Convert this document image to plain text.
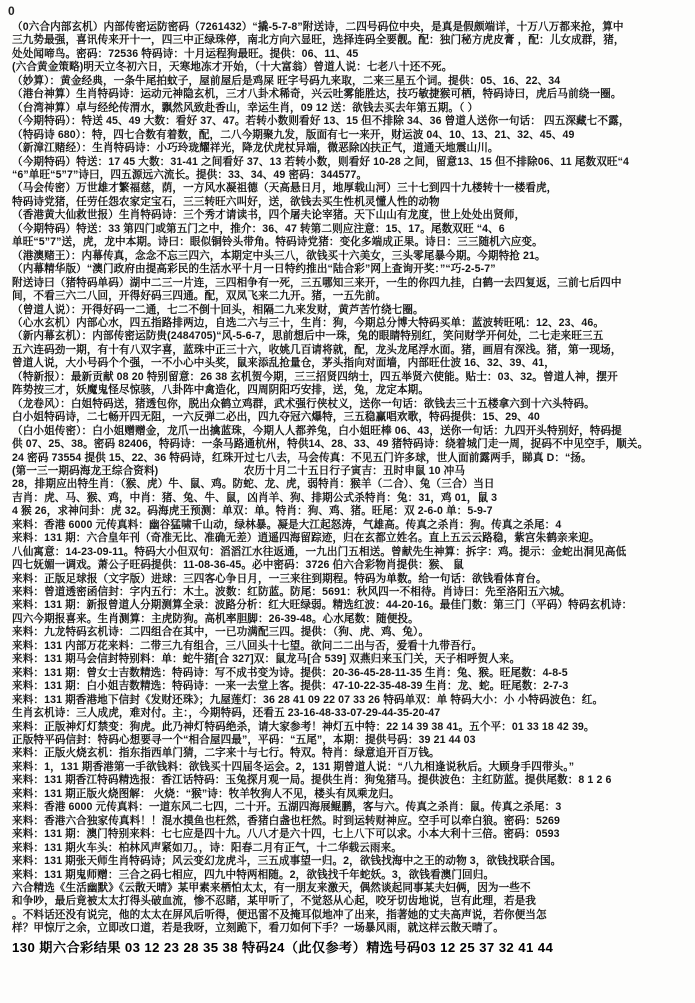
0
（0六合内部玄机）内部传密运防密码（7261432）“撬-5-7-8”附送诗，二四号码位中央，是真是假颇端详，十万八万都来抢，算中
三九势最强，喜讯传来开十一，四三中正绿珠停，南北方向六显旺，选择连码全要靓。配：独门秘方虎皮膏 ，配：儿女成群，猪，
处处闻啼鸟。密码：72536 特码诗：十月运程狗最旺。提供：06、11、45
(六合黄金策略)明天立冬初六日，天寒地冻才开始，（十大富翁）曾道人说：七老八十还不死。
（妙算）：黄金经典，一条牛尾拍蚊子，屋前屋后是鸡屎 旺字号码九来取，二来三星五个词。提供：05、16、22、34
（港台神算）生肖特码诗：运动元神隐玄机，三才八卦术稀奇，兴云吐雾能胜达，技巧敏捷猴可栖，特码诗曰，虎后马前绕一圈。
（台湾神算）卓与经纶传渭水，飘然风致赴香山，幸运生肖，09 12 送：欲钱去买去年第五期。（ ）
（今期特码）：特送 45、49 大数：看好 37、47。若转小数则看好 13、15 但不排除 34、36 曾道人送你一句话： 四五深藏七不露，
（特码诗 680）：特，四七合数有着数，配，二八今期聚九发，版面有七一来开，财运波 04、10、13、21、32、45、49
（新漳江赌经）：生肖特码诗：小巧玲珑耀祥光，降龙伏虎杖异端，微恶除凶扶正气，道通天地震山川。
（今期特码）特送：17 45 大数：31-41 之间看好 37、13 若转小数，则看好 10-28 之间，留意13、15 但不排除06、11 尾数双旺“4
“6”单旺“5”7”诗曰，四五源远六流长。提供：33、34、49 密码：344577。
（马会传密）万世雄才繁福慈，荫，一方风水凝祖德（天高悬日月，地厚载山河）三十七到四十九楼转十一楼看虎，
特码诗党猪，任劳任怨农家定宝石，三三转旺六叫好，送，欲钱去买生性机灵懂人性的动物
（香港黄大仙救世报）生肖特码诗：三个秀才请读书，四个屠夫论宰猪。天下山山有龙度，世上处处出贤师，
（今期特码）特送：33 第四门或第五门之中，推介：36、47 转第二则应注意：15、17。尾数双旺 “4、6
单旺“5”7”送，虎，龙中本期。诗曰：眼似铜铃头带角。特码诗党猪：变化多端成正果。诗日：三三随机六应变。
（港澳赌王）：内幕传真，念念不忘三四六，本期定中头三八，欲钱买十六美女，三头零尾暴今期。今期特抢 21。
（内幕精华版）“澳门政府由提高彩民的生活水平十月一日特约推出“陆合彩”网上查询开奖：”“巧-2-5-7”
附送诗曰（猪特码单码）湖中二三一片连，三四相争有一死，三五哪知三来开，一生的你四九挂，白鹤一去四复返，三前七后四中
间，不看三六二八回，开得好码三四通。配，双凤飞来二九开。猪，一五先前。
（曾道人说）：开得好码一二通，七二不倒十回头，相隔二九来发财，黄芦苦竹绕七圈。
（心水玄机）内部心水，四五指路排两边，自选二六与三十，生肖：狗，今期总分博大特码买单：蓝波转旺吼：12、23、46。
（新内幕玄机）：内部传密运防贵(2484705)“风-5-6-7，思前想后中一珠，兔的眼睛特别红，笑问财学开何处，二七走来旺三五
五六连码劲一期，有十有八双字喜，蓝珠中正三十六，收姚几百请将就，配，龙头龙尾浮水面。猪，画眉有深浅。猪，第一现场，
曾道人说，大小号码个个强，一不小心中头奖，鼠来添乱抢量仓，茅头指向对面墙，内部旺仕波 16、32、39、41，
（特新报）：最新贡献 08 20 特别留意：26 38 玄机贺今期，三三招贤四纳士，四五举贤六使能。贴士：03、32。曾道人神，摆开
阵势按三才，妖魔鬼怪尽惊骇，八卦阵中禽造化，四周阴阳巧安排，送，兔，龙定本期。
（龙卷风）：白姐特码送，猪透包你，脱出众鹤立鸡群，武术强行侠杖义，送你一句话：欲钱去三十五楼拿六到十六头特码。
白小姐特码诗，二七畅开四无阻，一六反弹二必出，四九夺冠六爆特，三五稳赢唱欢歌，特码提供：15、29、40
（白小姐传密）：白小姐赠赠金，龙爪一出擒蓝珠，今期人人都养兔，白小姐旺棒 06、43，送你一句话：九四开头特别好，特码提
供 07、25、38。密码 82406，特码诗：一条马路通杭州，特供14、28、33、49 猪特码诗：绕着城门走一周，捉码不中见空手，顺关。
24 密码 73554 提供 15、22、36 特码诗，红珠开过七八去，马会传真：不见五门许多球，世人面前露两手，睇真 D：“扬。
(第一三一期码海龙王综合资料)　　　　　　　　农历十月二十五日行子寅吉：丑时申鼠 10 冲马
28，排期应出特生肖：（猴、虎）牛、鼠、鸡。防蛇、龙、虎，弱特肖：猴羊（二合）、兔（三合）当日
吉肖：虎、马、猴、鸡，中肖：猪、兔、牛、鼠，凶肖羊、狗、排期公式杀特肖：兔：31，鸡 01，鼠 3
4 猴 26，求神问卦：虎 32。码海虎王预测：单双：单。特肖：狗、鸡、猪。旺尾：双 2-6-0 单：5-9-7
来料：香港 6000 元传真料：幽谷猛啸千山动，绿林暴。凝是大江起怒涛，气雄高。传真之杀肖：狗。传真之杀尾：4
来料：131 期：六合皇年刊（奇准无比、准确无差）逍遥四海留踪迹，归在玄都立姓名。直上五云云路稳，紫宫朱鹤亲来迎。
八仙寓意：14-23-09-11。特码大小但双句：滔滔江水往返通，一九出门五相送。曾献先生神算：拆字：鸡。提示：金蛇出洞见高低
四七妩媚一调戏。萧公子旺码提供：11-08-36-45。必中密码：3726 伯六合彩物肖提供：猴、 鼠
来料：正版足球报（文字版）进球：三四客心争日月，一三来往到期程。特码为单数。给一句话：欲钱看体育台。
来料：曾道透密函信封：字内五行：木土。波数：红防蓝。防尾：5691：秋风四一不相待。肖诗曰：先至洛阳五六城。
来料：131 期：新报曾道人分期测算全录：波路分析：红大旺绿弱。精选红波：44-20-16。最佳门数：第三门（平码）特码玄机诗：
四六今期报喜来。生肖测算：主虎防狗。高机率胆脚：26-39-48。心水尾数：随便投。
来料：九龙特码玄机诗：二四组合在其中，一已功满配三四。提供：（狗、虎、鸡、兔）。
来料：131 内部万花来料：二带三九有组合，三八回头十七望。欲问二二出与否，爱看十九带吾行。
来料：131 期马会信封特别料：单：蛇牛猪[合 327]双：鼠龙马[合 539] 双燕归来玉门关，天子相呼贺人来。
来料：131 期：曾女士吉数精选：特码诗：写不成书变为诗。提供：20-36-45-28-11-35 生肖：兔、猴。旺尾数：4-8-5
来料：131 期：白小姐吉数精选：特码诗：一来一去堂上客。提供：47-10-22-35-48-39 生肖：龙、蛇。旺尾数：2-7-3
来料：131 期香港地下信封《发财还珠》；九屋莲灯：36 28 41 09 22 07 33 26 特码单双：单 特码大小：小 小特码波色：红。
生肖玄机诗：三人成虎，难对付。主：，今期特码，还看五 23-16-48-33-07-29-44-35-20-47
来料：正版神灯灯禁变：狗虎。此乃神灯特码绝杀，请大家参考！神灯五中特：22 14 39 38 41。五个平：01 33 18 42 39。
正版特平码信封：特码心想要寻一个“相合屋四最”，平码：“五尾”，本期：提供号码：39 21 44 03
来料：正版火烧玄机：指东指西单门猜，二字来十与七行。特双。特肖：绿意追开百万钱。
来料：1，131 期香港第一手欲钱料：欲钱买十四届冬运会。2，131 期曾道人说：“八九相逢说秋后。大顾身手四带头。”
来料：131 期香江特码精选报：香江话特码：玉兔探月观一局。提供生肖：狗兔猪马。提供波色：主红防蓝。提供尾数：8 1 2 6
来料：131 期正版火烧图解： 火烧：“猴”诗：牧羊牧狗人不见，楼头有凤乘龙归。
来料：香港 6000 元传真料：一道东风二七四，二十开。五湖四海展鲲鹏，客与六。传真之杀肖：鼠。传真之杀尾：3
来料：香港六合独家传真料！！混水摸鱼也枉然，香猪白盏也枉然。时到运转财神应。空手可以牵白狼。密码：5269
来料：131 期：澳门特别来料：七七应是四十九。八八才是六十四，七上八下可以求。小本大利十三倍。密码：0593
来料：131 期火车头：柏林风声紧如刀。，诗：阳春二月有正气，十二华载云雨来。
来料：131 期张天师生肖特码诗；风云变幻龙虎斗，三五成事望一归。2，欲钱找海中之王的动物 3，欲钱找联合国。
来料：131 期鬼师赠：三合之码七相应，四九中特两相随。2，欲钱找千年蛇妖。3，欲钱看澳门回归。
六合精选《生活幽默》《云散天晴》某甲素来栖怕太太，有一朋友来激天，偶然谈起同事某夫妇俩，因为一些不
和争吵，最后竟被太太打得头破血流，惨不忍睹，某甲听了，不觉怒从心起，咬牙切齿地说，岂有此理，若是我
。不料话还没有说完，他的太太在屏风后听得，便迅雷不及掩耳似地冲了出来，指著她的丈夫高声说，若你便当怎
样？甲惊厅之余，立即改口道，若是我呀，立刻跪下，看刀如何下手？一场暴风雨，就这样云散天晴了。
130 期六合彩结果 03 12 23 28 35 38 特码24（此仅参考）精选号码03 12 25 37 32 41 44
